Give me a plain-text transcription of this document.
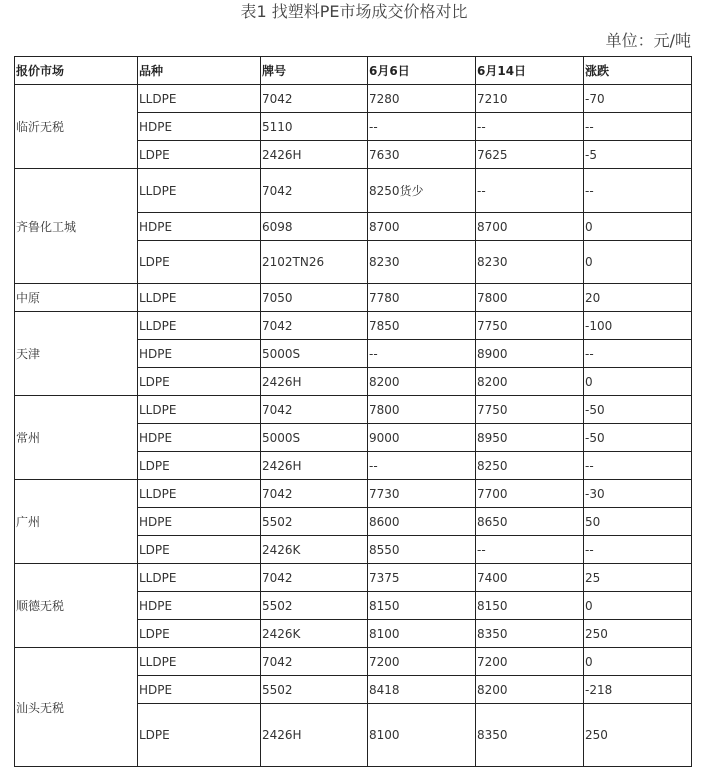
表1 找塑料PE市场成交价格对比
单位：元/吨
报价市场	品种	牌号	6月6日	6月14日	涨跌
临沂无税	LLDPE	7042	7280	7210	-70
	HDPE	5110	--	--	--
	LDPE	2426H	7630	7625	-5
齐鲁化工城	LLDPE	7042	8250货少	--	--
	HDPE	6098	8700	8700	0
	LDPE	2102TN26	8230	8230	0
中原	LLDPE	7050	7780	7800	20
天津	LLDPE	7042	7850	7750	-100
	HDPE	5000S	--	8900	--
	LDPE	2426H	8200	8200	0
常州	LLDPE	7042	7800	7750	-50
	HDPE	5000S	9000	8950	-50
	LDPE	2426H	--	8250	--
广州	LLDPE	7042	7730	7700	-30
	HDPE	5502	8600	8650	50
	LDPE	2426K	8550	--	--
顺德无税	LLDPE	7042	7375	7400	25
	HDPE	5502	8150	8150	0
	LDPE	2426K	8100	8350	250
汕头无税	LLDPE	7042	7200	7200	0
	HDPE	5502	8418	8200	-218
	LDPE	2426H	8100	8350	250
